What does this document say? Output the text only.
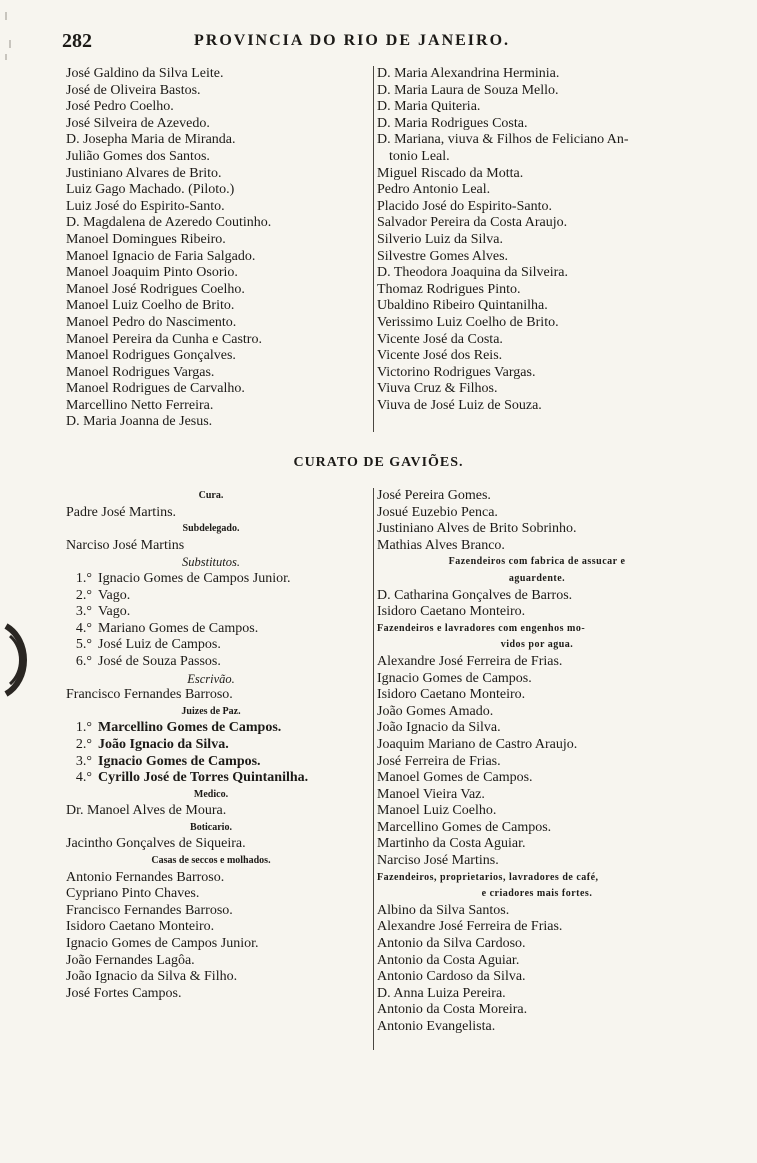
282	PROVINCIA DO RIO DE JANEIRO.
José Galdino da Silva Leite.
José de Oliveira Bastos.
José Pedro Coelho.
José Silveira de Azevedo.
D. Josepha Maria de Miranda.
Julião Gomes dos Santos.
Justiniano Alvares de Brito.
Luiz Gago Machado. (Piloto.)
Luiz José do Espirito-Santo.
D. Magdalena de Azeredo Coutinho.
Manoel Domingues Ribeiro.
Manoel Ignacio de Faria Salgado.
Manoel Joaquim Pinto Osorio.
Manoel José Rodrigues Coelho.
Manoel Luiz Coelho de Brito.
Manoel Pedro do Nascimento.
Manoel Pereira da Cunha e Castro.
Manoel Rodrigues Gonçalves.
Manoel Rodrigues Vargas.
Manoel Rodrigues de Carvalho.
Marcellino Netto Ferreira.
D. Maria Joanna de Jesus.
D. Maria Alexandrina Herminia.
D. Maria Laura de Souza Mello.
D. Maria Quiteria.
D. Maria Rodrigues Costa.
D. Mariana, viuva & Filhos de Feliciano An-
tonio Leal.
Miguel Riscado da Motta.
Pedro Antonio Leal.
Placido José do Espirito-Santo.
Salvador Pereira da Costa Araujo.
Silverio Luiz da Silva.
Silvestre Gomes Alves.
D. Theodora Joaquina da Silveira.
Thomaz Rodrigues Pinto.
Ubaldino Ribeiro Quintanilha.
Verissimo Luiz Coelho de Brito.
Vicente José da Costa.
Vicente José dos Reis.
Victorino Rodrigues Vargas.
Viuva Cruz & Filhos.
Viuva de José Luiz de Souza.
CURATO DE GAVIÕES.
Cura.
Padre José Martins.
Subdelegado.
Narciso José Martins
Substitutos.
1.° Ignacio Gomes de Campos Junior.
2.° Vago.
3.° Vago.
4.° Mariano Gomes de Campos.
5.° José Luiz de Campos.
6.° José de Souza Passos.
Escrivão.
Francisco Fernandes Barroso.
Juizes de Paz.
1.° Marcellino Gomes de Campos.
2.° João Ignacio da Silva.
3.° Ignacio Gomes de Campos.
4.° Cyrillo José de Torres Quintanilha.
Medico.
Dr. Manoel Alves de Moura.
Boticario.
Jacintho Gonçalves de Siqueira.
Casas de seccos e molhados.
Antonio Fernandes Barroso.
Cypriano Pinto Chaves.
Francisco Fernandes Barroso.
Isidoro Caetano Monteiro.
Ignacio Gomes de Campos Junior.
João Fernandes Lagôa.
João Ignacio da Silva & Filho.
José Fortes Campos.
José Pereira Gomes.
Josué Euzebio Penca.
Justiniano Alves de Brito Sobrinho.
Mathias Alves Branco.
Fazendeiros com fabrica de assucar e
aguardente.
D. Catharina Gonçalves de Barros.
Isidoro Caetano Monteiro.
Fazendeiros e lavradores com engenhos mo-
vidos por agua.
Alexandre José Ferreira de Frias.
Ignacio Gomes de Campos.
Isidoro Caetano Monteiro.
João Gomes Amado.
João Ignacio da Silva.
Joaquim Mariano de Castro Araujo.
José Ferreira de Frias.
Manoel Gomes de Campos.
Manoel Vieira Vaz.
Manoel Luiz Coelho.
Marcellino Gomes de Campos.
Martinho da Costa Aguiar.
Narciso José Martins.
Fazendeiros, proprietarios, lavradores de café,
e criadores mais fortes.
Albino da Silva Santos.
Alexandre José Ferreira de Frias.
Antonio da Silva Cardoso.
Antonio da Costa Aguiar.
Antonio Cardoso da Silva.
D. Anna Luiza Pereira.
Antonio da Costa Moreira.
Antonio Evangelista.
